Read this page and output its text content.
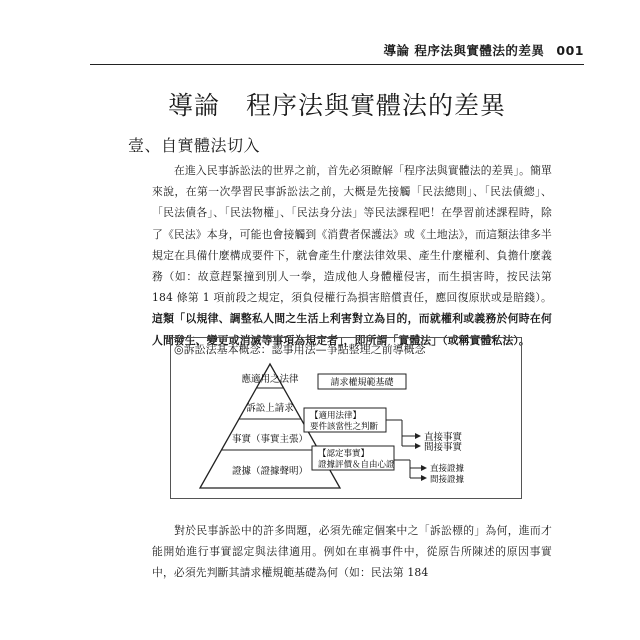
導論 程序法與實體法的差異 001
導論 程序法與實體法的差異
壹、自實體法切入

在進入民事訴訟法的世界之前，首先必須瞭解「程序法與實體法的差異」。簡單來說，在第一次學習民事訴訟法之前，大概是先接觸「民法總則」、「民法債總」、「民法債各」、「民法物權」、「民法身分法」等民法課程吧！在學習前述課程時，除了《民法》本身，可能也會接觸到《消費者保護法》或《土地法》，而這類法律多半規定在具備什麼構成要件下，就會產生什麼法律效果、產生什麼權利、負擔什麼義務（如：故意趕緊撞到別人一拳，造成他人身體權侵害，而生損害時，按民法第 184 條第 1 項前段之規定，須負侵權行為損害賠償責任，應回復原狀或是賠錢）。這類「以規律、調整私人間之生活上利害對立為目的，而就權利或義務於何時在何人間發生、變更或消滅等事項為規定者」，即所謂「實體法」（或稱實體私法）。

◎訴訟法基本概念：認事用法—爭點整理之前導概念
應適用之法律
訴訟上請求
事實（事實主張）
證據（證據聲明）
請求權規範基礎
【適用法律】
要件該當性之判斷
【認定事實】
證據評價＆自由心證
直接事實
間接事實
直接證據
間接證據

對於民事訴訟中的許多問題，必須先確定個案中之「訴訟標的」為何，進而才能開始進行事實認定與法律適用。例如在車禍事件中，從原告所陳述的原因事實中，必須先判斷其請求權規範基礎為何（如：民法第 184
